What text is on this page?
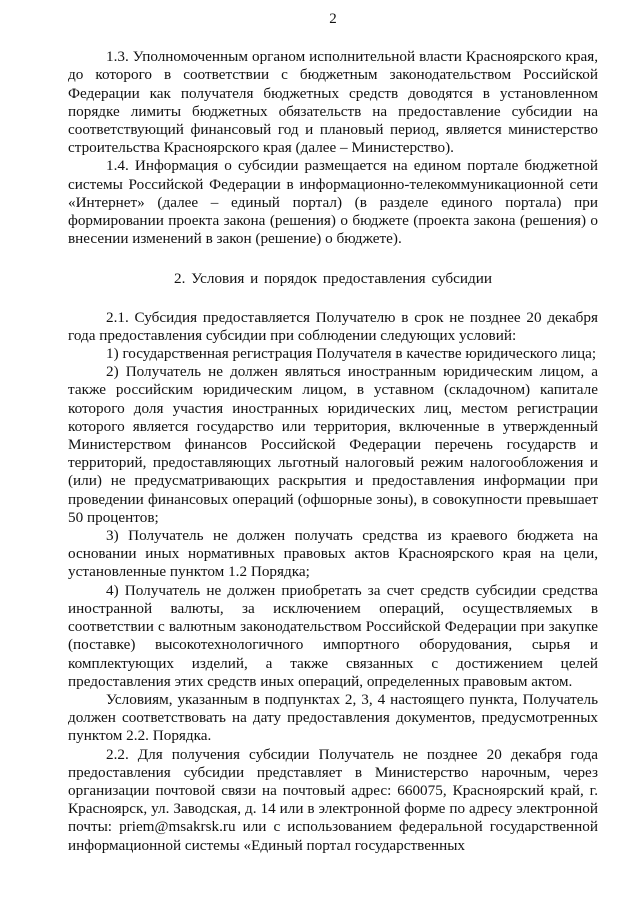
2

1.3. Уполномоченным органом исполнительной власти Красноярского края, до которого в соответствии с бюджетным законодательством Российской Федерации как получателя бюджетных средств доводятся в установленном порядке лимиты бюджетных обязательств на предоставление субсидии на соответствующий финансовый год и плановый период, является министерство строительства Красноярского края (далее – Министерство).

1.4. Информация о субсидии размещается на едином портале бюджетной системы Российской Федерации в информационно-телекоммуникационной сети «Интернет» (далее – единый портал) (в разделе единого портала) при формировании проекта закона (решения) о бюджете (проекта закона (решения) о внесении изменений в закон (решение) о бюджете).

2. Условия и порядок предоставления субсидии

2.1. Субсидия предоставляется Получателю в срок не позднее 20 декабря года предоставления субсидии при соблюдении следующих условий:

1) государственная регистрация Получателя в качестве юридического лица;

2) Получатель не должен являться иностранным юридическим лицом, а также российским юридическим лицом, в уставном (складочном) капитале которого доля участия иностранных юридических лиц, местом регистрации которого является государство или территория, включенные в утвержденный Министерством финансов Российской Федерации перечень государств и территорий, предоставляющих льготный налоговый режим налогообложения и (или) не предусматривающих раскрытия и предоставления информации при проведении финансовых операций (офшорные зоны), в совокупности превышает 50 процентов;

3) Получатель не должен получать средства из краевого бюджета на основании иных нормативных правовых актов Красноярского края на цели, установленные пунктом 1.2 Порядка;

4) Получатель не должен приобретать за счет средств субсидии средства иностранной валюты, за исключением операций, осуществляемых в соответствии с валютным законодательством Российской Федерации при закупке (поставке) высокотехнологичного импортного оборудования, сырья и комплектующих изделий, а также связанных с достижением целей предоставления этих средств иных операций, определенных правовым актом.

Условиям, указанным в подпунктах 2, 3, 4 настоящего пункта, Получатель должен соответствовать на дату предоставления документов, предусмотренных пунктом 2.2. Порядка.

2.2. Для получения субсидии Получатель не позднее 20 декабря года предоставления субсидии представляет в Министерство нарочным, через организации почтовой связи на почтовый адрес: 660075, Красноярский край, г. Красноярск, ул. Заводская, д. 14 или в электронной форме по адресу электронной почты: priem@msakrsk.ru или с использованием федеральной государственной информационной системы «Единый портал государственных
